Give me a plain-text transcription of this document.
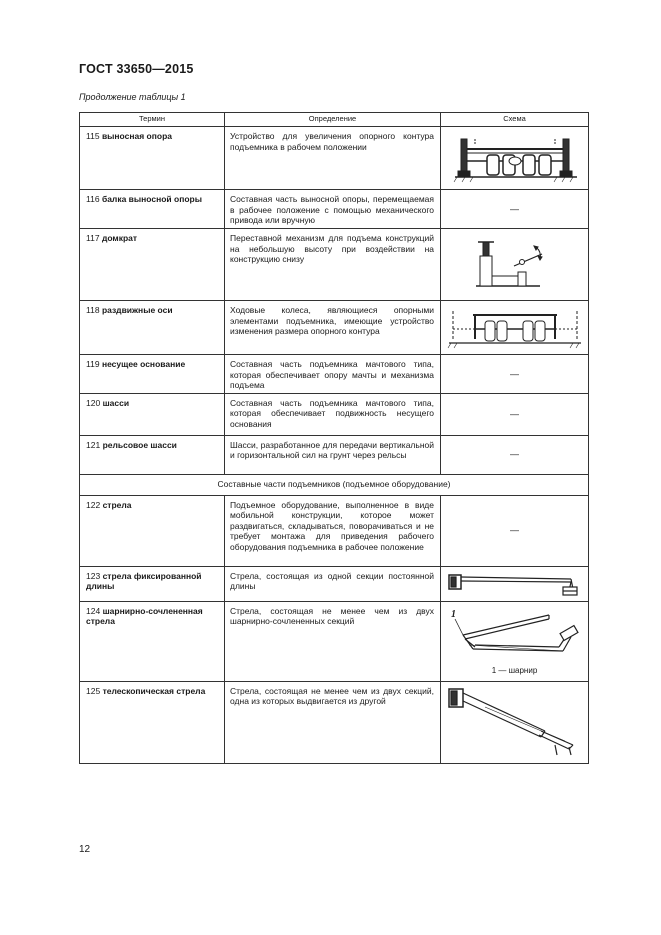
ГОСТ 33650—2015
Продолжение таблицы 1
Термин	Определение	Схема
115 выносная опора	Устройство для увеличения опорного контура подъемника в рабочем положении	

116 балка выносной опоры	Составная часть выносной опоры, перемещаемая в рабочее положение с помощью механического привода или вручную	—
117 домкрат	Переставной механизм для подъема конструкций на небольшую высоту при воздействии на конструкцию снизу	

118 раздвижные оси	Ходовые колеса, являющиеся опорными элементами подъемника, имеющие устройство изменения размера опорного контура	

119 несущее основание	Составная часть подъемника мачтового типа, которая обеспечивает опору мачты и механизма подъема	—
120 шасси	Составная часть подъемника мачтового типа, которая обеспечивает подвижность несущего основания	—
121 рельсовое шасси	Шасси, разработанное для передачи вертикальной и горизонтальной сил на грунт через рельсы	—
Составные части подъемников (подъемное оборудование)		
122 стрела	Подъемное оборудование, выполненное в виде мобильной конструкции, которое может раздвигаться, складываться, поворачиваться и не требует монтажа для приведения рабочего оборудования подъемника в рабочее положение	—
123 стрела фиксированной длины	Стрела, состоящая из одной секции постоянной длины	

124 шарнирно-сочлененная стрела	Стрела, состоящая не менее чем из двух шарнирно-сочлененных секций	1
1 — шарнир

125 телескопическая стрела	Стрела, состоящая не менее чем из двух секций, одна из которых выдвигается из другой	
12
